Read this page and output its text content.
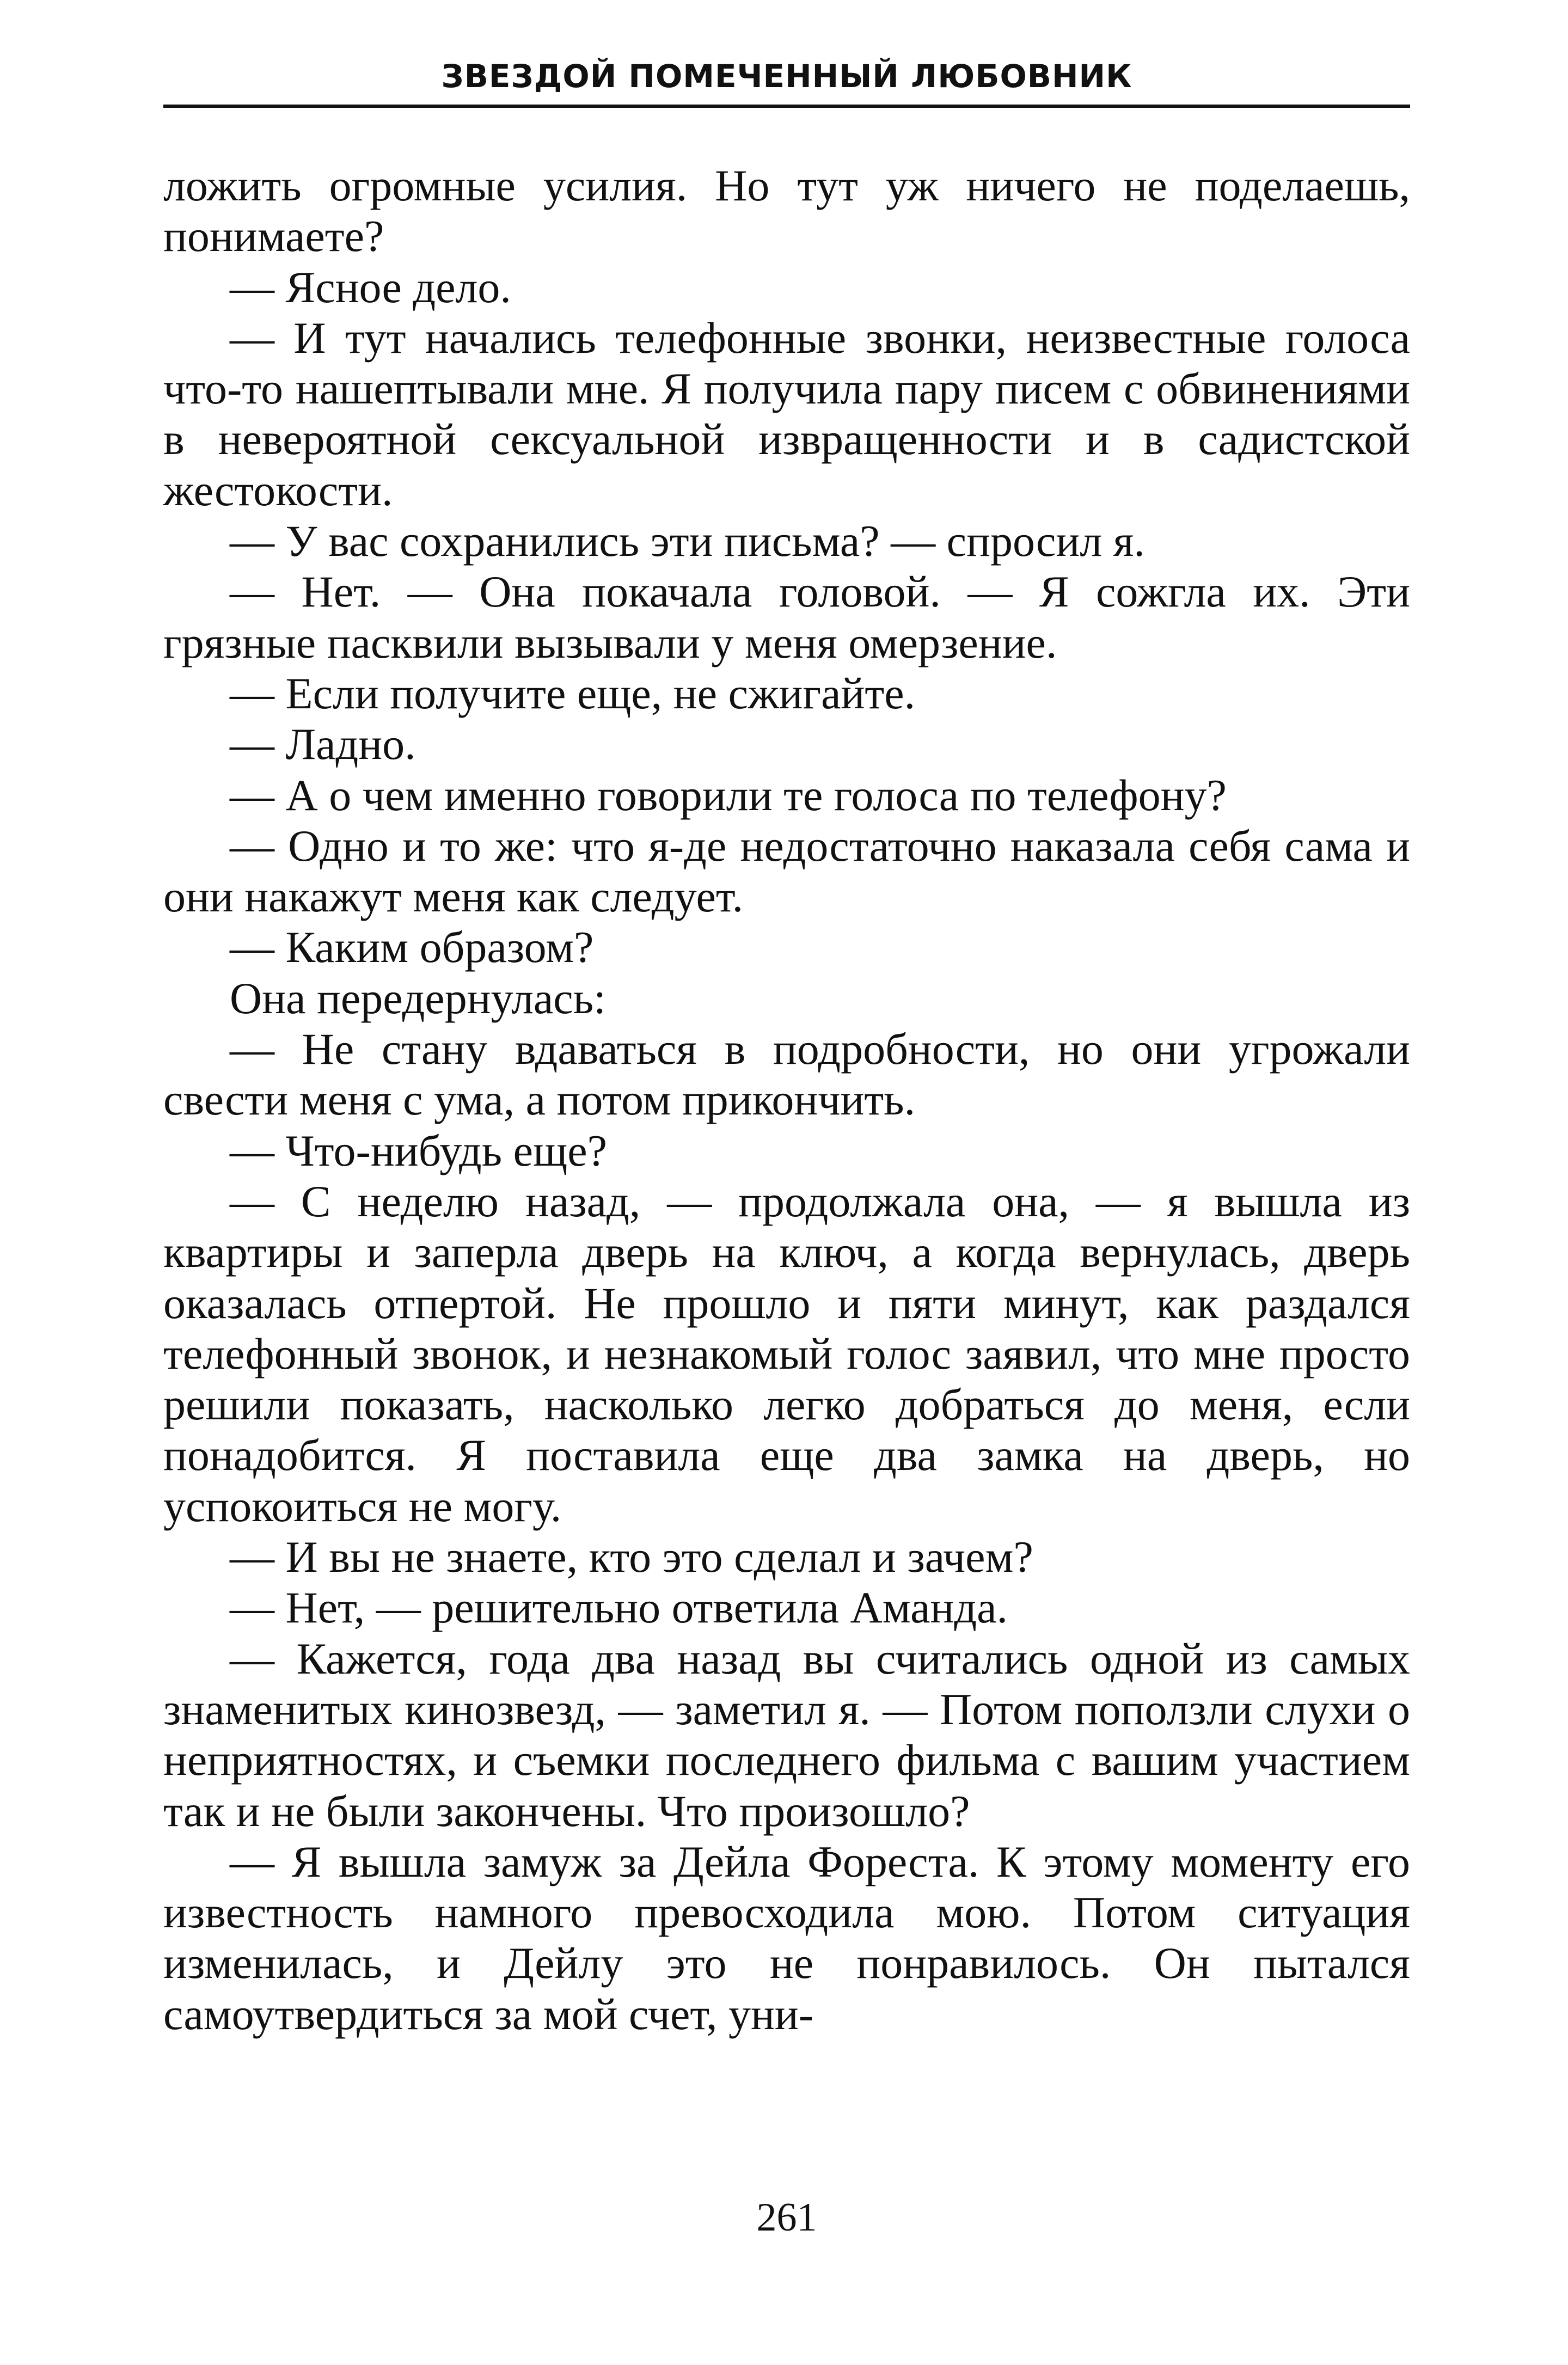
ЗВЕЗДОЙ ПОМЕЧЕННЫЙ ЛЮБОВНИК

ложить огромные усилия. Но тут уж ничего не поделаешь, понимаете?

— Ясное дело.

— И тут начались телефонные звонки, неизвестные голоса что-то нашептывали мне. Я получила пару писем с обвинениями в невероятной сексуальной извращенности и в садистской жестокости.

— У вас сохранились эти письма? — спросил я.

— Нет. — Она покачала головой. — Я сожгла их. Эти грязные пасквили вызывали у меня омерзение.

— Если получите еще, не сжигайте.

— Ладно.

— А о чем именно говорили те голоса по телефону?

— Одно и то же: что я-де недостаточно наказала себя сама и они накажут меня как следует.

— Каким образом?

Она передернулась:

— Не стану вдаваться в подробности, но они угрожали свести меня с ума, а потом прикончить.

— Что-нибудь еще?

— С неделю назад, — продолжала она, — я вышла из квартиры и заперла дверь на ключ, а когда вернулась, дверь оказалась отпертой. Не прошло и пяти минут, как раздался телефонный звонок, и незнакомый голос заявил, что мне просто решили показать, насколько легко добраться до меня, если понадобится. Я поставила еще два замка на дверь, но успокоиться не могу.

— И вы не знаете, кто это сделал и зачем?

— Нет, — решительно ответила Аманда.

— Кажется, года два назад вы считались одной из самых знаменитых кинозвезд, — заметил я. — Потом поползли слухи о неприятностях, и съемки последнего фильма с вашим участием так и не были закончены. Что произошло?

— Я вышла замуж за Дейла Фореста. К этому моменту его известность намного превосходила мою. Потом ситуация изменилась, и Дейлу это не понравилось. Он пытался самоутвердиться за мой счет, уни-

261
